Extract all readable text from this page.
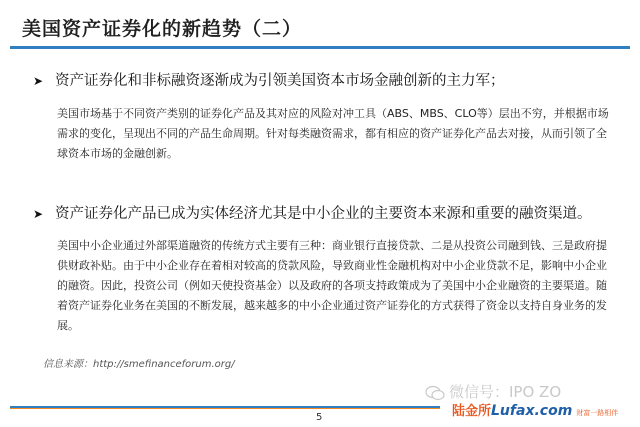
美国资产证券化的新趋势（二）
➤ 资产证券化和非标融资逐渐成为引领美国资本市场金融创新的主力军；
美国市场基于不同资产类别的证券化产品及其对应的风险对冲工具（ABS、MBS、CLO等）层出不穷，并根据市场需求的变化，呈现出不同的产品生命周期。针对每类融资需求，都有相应的资产证券化产品去对接，从而引领了全球资本市场的金融创新。
➤ 资产证券化产品已成为实体经济尤其是中小企业的主要资本来源和重要的融资渠道。
美国中小企业通过外部渠道融资的传统方式主要有三种：商业银行直接贷款、二是从投资公司融到钱、三是政府提供财政补贴。由于中小企业存在着相对较高的贷款风险，导致商业性金融机构对中小企业贷款不足，影响中小企业的融资。因此，投资公司（例如天使投资基金）以及政府的各项支持政策成为了美国中小企业融资的主要渠道。随着资产证券化业务在美国的不断发展，越来越多的中小企业通过资产证券化的方式获得了资金以支持自身业务的发展。
信息来源：http://smefinanceforum.org/
微信号：IPO ZO
陆金所Lufax.com 财富一路相伴
5
